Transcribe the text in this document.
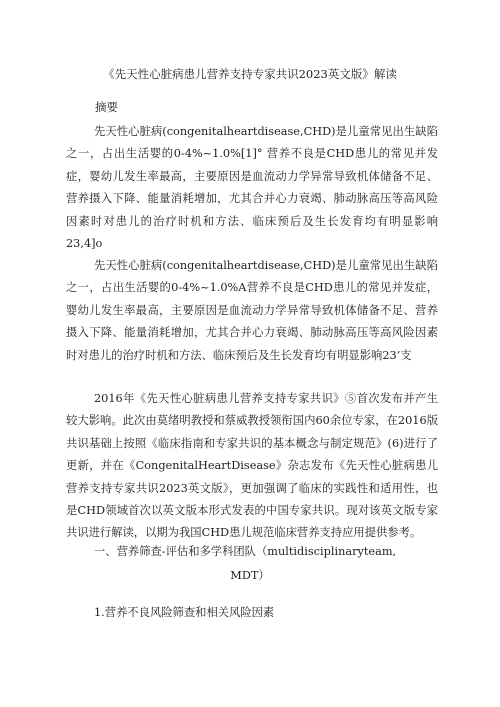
《先天性心脏病患儿营养支持专家共识2023英文版》解读
摘要

先天性心脏病(congenitalheartdisease,CHD)是儿童常见出生缺陷之一，占出生活婴的0-4%~1.0%[1]° 营养不良是CHD患儿的常见并发症，婴幼儿发生率最高，主要原因是血流动力学异常导致机体储备不足、营养摄入下降、能量消耗增加，尤其合并心力衰竭、肺动脉高压等高风险因素时对患儿的治疗时机和方法、临床预后及生长发育均有明显影响23,4]o

先天性心脏病(congenitalheartdisease,CHD)是儿童常见出生缺陷之一，占出生活婴的0-4%~1.0%A营养不良是CHD患儿的常见并发症，婴幼儿发生率最高，主要原因是血流动力学异常导致机体储备不足、营养摄入下降、能量消耗增加，尤其合并心力衰竭、肺动脉高压等高风险因素时对患儿的治疗时机和方法、临床预后及生长发育均有明显影响23’支

2016年《先天性心脏病患儿营养支持专家共识》⑤首次发布并产生较大影响。此次由莫绪明教授和蔡威教授领衔国内60余位专家，在2016版共识基础上按照《临床指南和专家共识的基本概念与制定规范》(6)进行了更新，并在《CongenitalHeartDisease》杂志发布《先天性心脏病患儿营养支持专家共识2023英文版》，更加强调了临床的实践性和适用性，也是CHD领域首次以英文版本形式发表的中国专家共识。现对该英文版专家共识进行解读，以期为我国CHD患儿规范临床营养支持应用提供参考。

一、营养筛查-评估和多学科团队（multidisciplinaryteam,

MDT）
1.营养不良风险筛查和相关风险因素
